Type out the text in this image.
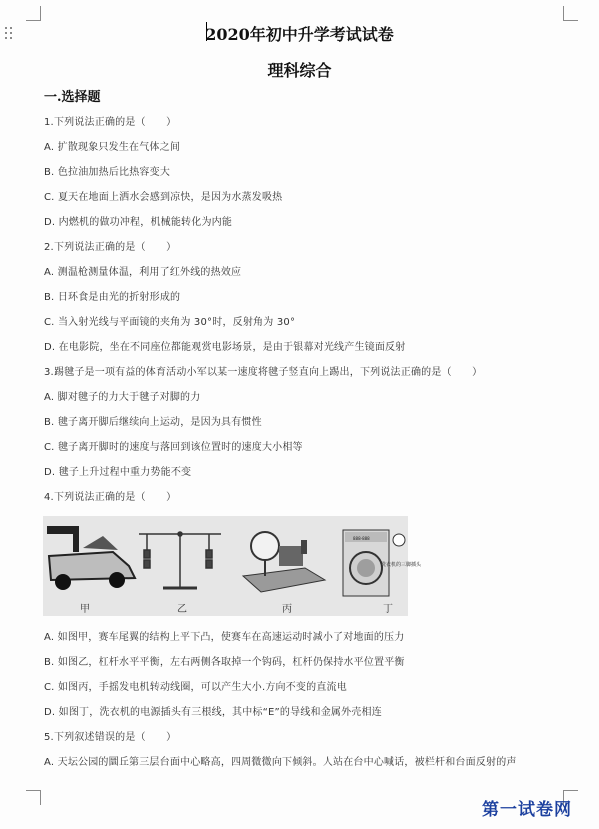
2020年初中升学考试试卷
理科综合
一.选择题
1.下列说法正确的是（　　）
A. 扩散现象只发生在气体之间
B. 色拉油加热后比热容变大
C. 夏天在地面上洒水会感到凉快，是因为水蒸发吸热
D. 内燃机的做功冲程，机械能转化为内能
2.下列说法正确的是（　　）
A. 测温枪测量体温，利用了红外线的热效应
B. 日环食是由光的折射形成的
C. 当入射光线与平面镜的夹角为 30°时，反射角为 30°
D. 在电影院，坐在不同座位都能观赏电影场景，是由于银幕对光线产生镜面反射
3.踢毽子是一项有益的体育活动小军以某一速度将毽子竖直向上踢出，下列说法正确的是（　　）
A. 脚对毽子的力大于毽子对脚的力
B. 毽子离开脚后继续向上运动，是因为具有惯性
C. 毽子离开脚时的速度与落回到该位置时的速度大小相等
D. 毽子上升过程中重力势能不变
4.下列说法正确的是（　　）
888-888
洗衣机的三脚插头
甲	乙	丙	丁
A. 如图甲，赛车尾翼的结构上平下凸，使赛车在高速运动时减小了对地面的压力
B. 如图乙，杠杆水平平衡，左右两侧各取掉一个钩码，杠杆仍保持水平位置平衡
C. 如图丙，手摇发电机转动线圈，可以产生大小.方向不变的直流电
D. 如图丁，洗衣机的电源插头有三根线，其中标“E”的导线和金属外壳相连
5.下列叙述错误的是（　　）
A. 天坛公园的圜丘第三层台面中心略高，四周微微向下倾斜。人站在台中心喊话，被栏杆和台面反射的声
第一试卷网
